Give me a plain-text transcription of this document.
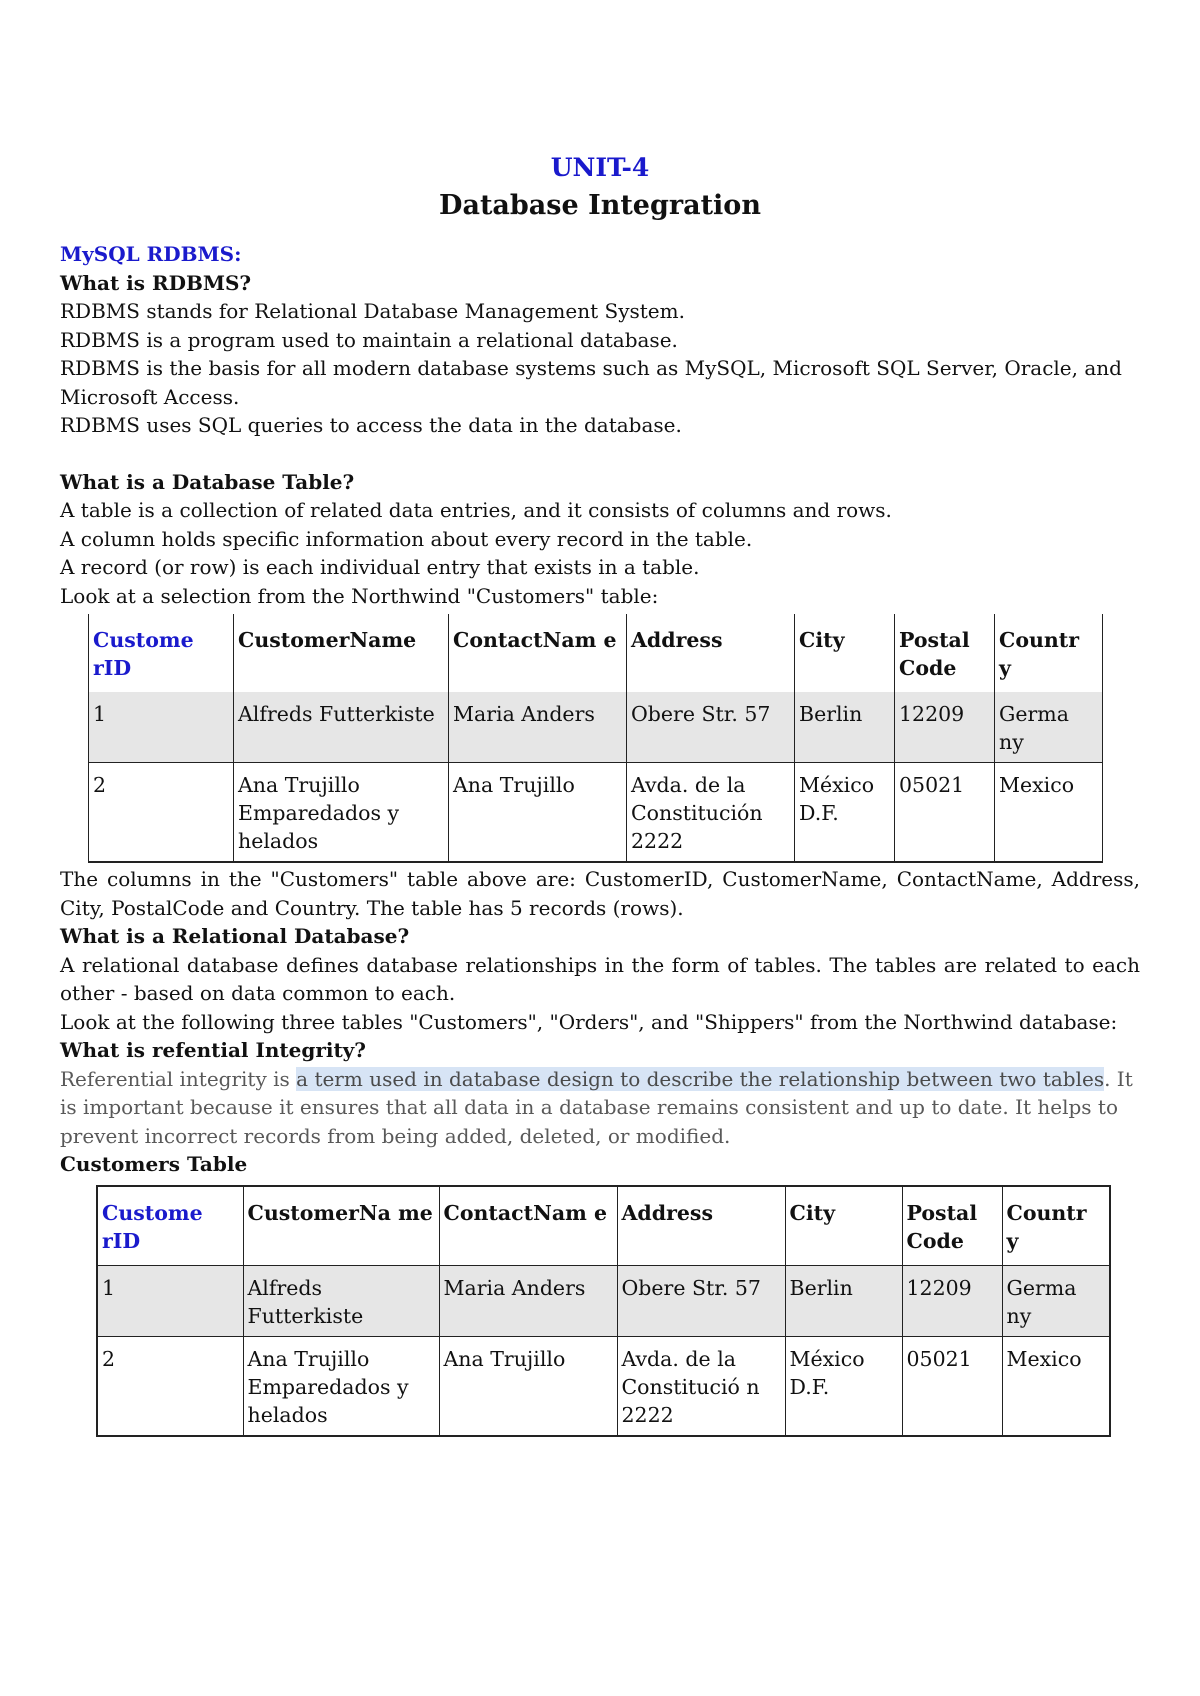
UNIT-4
Database Integration

MySQL RDBMS:

What is RDBMS?

RDBMS stands for Relational Database Management System.

RDBMS is a program used to maintain a relational database.

RDBMS is the basis for all modern database systems such as MySQL, Microsoft SQL Server, Oracle, and Microsoft Access.

RDBMS uses SQL queries to access the data in the database.

What is a Database Table?

A table is a collection of related data entries, and it consists of columns and rows.

A column holds specific information about every record in the table.

A record (or row) is each individual entry that exists in a table.

Look at a selection from the Northwind "Customers" table:

Custome rID	CustomerName	ContactNam e	Address	City	Postal Code	Countr y
1	Alfreds Futterkiste	Maria Anders	Obere Str. 57	Berlin	12209	Germa ny
2	Ana Trujillo Emparedados y helados	Ana Trujillo	Avda. de la Constitución 2222	México D.F.	05021	Mexico

The columns in the "Customers" table above are: CustomerID, CustomerName, ContactName, Address, City, PostalCode and Country. The table has 5 records (rows).

What is a Relational Database?

A relational database defines database relationships in the form of tables. The tables are related to each other - based on data common to each.

Look at the following three tables "Customers", "Orders", and "Shippers" from the Northwind database:

What is refential Integrity?

Referential integrity is a term used in database design to describe the relationship between two tables. It is important because it ensures that all data in a database remains consistent and up to date. It helps to prevent incorrect records from being added, deleted, or modified.

Customers Table

Custome rID	CustomerNa me	ContactNam e	Address	City	Postal Code	Countr y
1	Alfreds Futterkiste	Maria Anders	Obere Str. 57	Berlin	12209	Germa ny
2	Ana Trujillo Emparedados y helados	Ana Trujillo	Avda. de la Constitució n 2222	México D.F.	05021	Mexico
